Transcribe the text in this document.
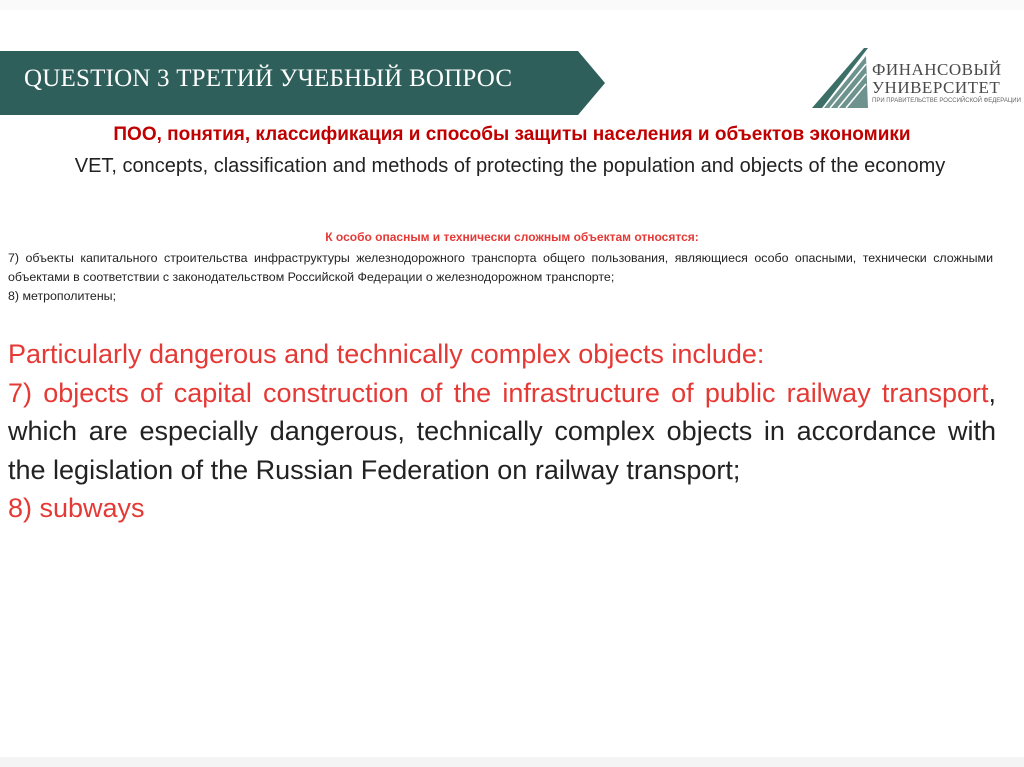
QUESTION 3 ТРЕТИЙ УЧЕБНЫЙ ВОПРОС	ФИНАНСОВЫЙ
УНИВЕРСИТЕТ
ПРИ ПРАВИТЕЛЬСТВЕ РОССИЙСКОЙ ФЕДЕРАЦИИ
ПОО, понятия, классификация и способы защиты населения и объектов экономики
VET, concepts, classification and methods of protecting the population and objects of the economy
К особо опасным и технически сложным объектам относятся:

7) объекты капитального строительства инфраструктуры железнодорожного транспорта общего пользования, являющиеся особо опасными, технически сложными объектами в соответствии с законодательством Российской Федерации о железнодорожном транспорте;

8) метрополитены;

Particularly dangerous and technically complex objects include:

7) objects of capital construction of the infrastructure of public railway transport, which are especially dangerous, technically complex objects in accordance with the legislation of the Russian Federation on railway transport;

8) subways
